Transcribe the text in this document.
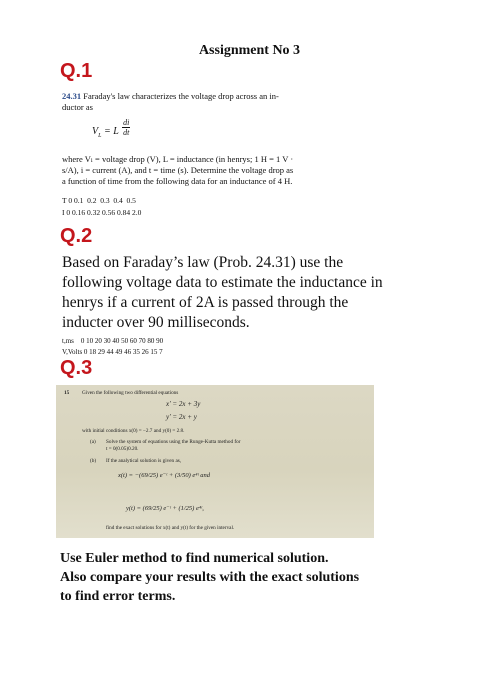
Assignment No 3
Q.1
24.31 Faraday's law characterizes the voltage drop across an in-
ductor as
$V_L = L \frac{di}{dt}$
where Vₗ = voltage drop (V), L = inductance (in henrys; 1 H = 1 V ·
s/A), i = current (A), and t = time (s). Determine the voltage drop as
a function of time from the following data for an inductance of 4 H.
T 0 0.1  0.2  0.3  0.4  0.5
I 0 0.16 0.32 0.56 0.84 2.0
Q.2
Based on Faraday’s law (Prob. 24.31) use the
following voltage data to estimate the inductance in
henrys if a current of 2A is passed through the
inducter over 90 milliseconds.
t,ms    0 10 20 30 40 50 60 70 80 90
V,Volts 0 18 29 44 49 46 35 26 15 7
Q.3
15 Given the following two differential equations
x′ = 2x + 3y
y′ = 2x + y
with initial conditions x(0) = −2.7 and y(0) = 2.8.
(a) Solve the system of equations using the Runge-Kutta method for
t = 0(0.05)0.20.
(b) If the analytical solution is given as,
x(t) = −(69/25) e⁻ᵗ + (3/50) e⁴ᵗ and
y(t) = (69/25) e⁻ᵗ + (1/25) e⁴ᵗ,
find the exact solutions for x(t) and y(t) for the given interval.
Use Euler method to find numerical solution.
Also compare your results with the exact solutions
to find error terms.
